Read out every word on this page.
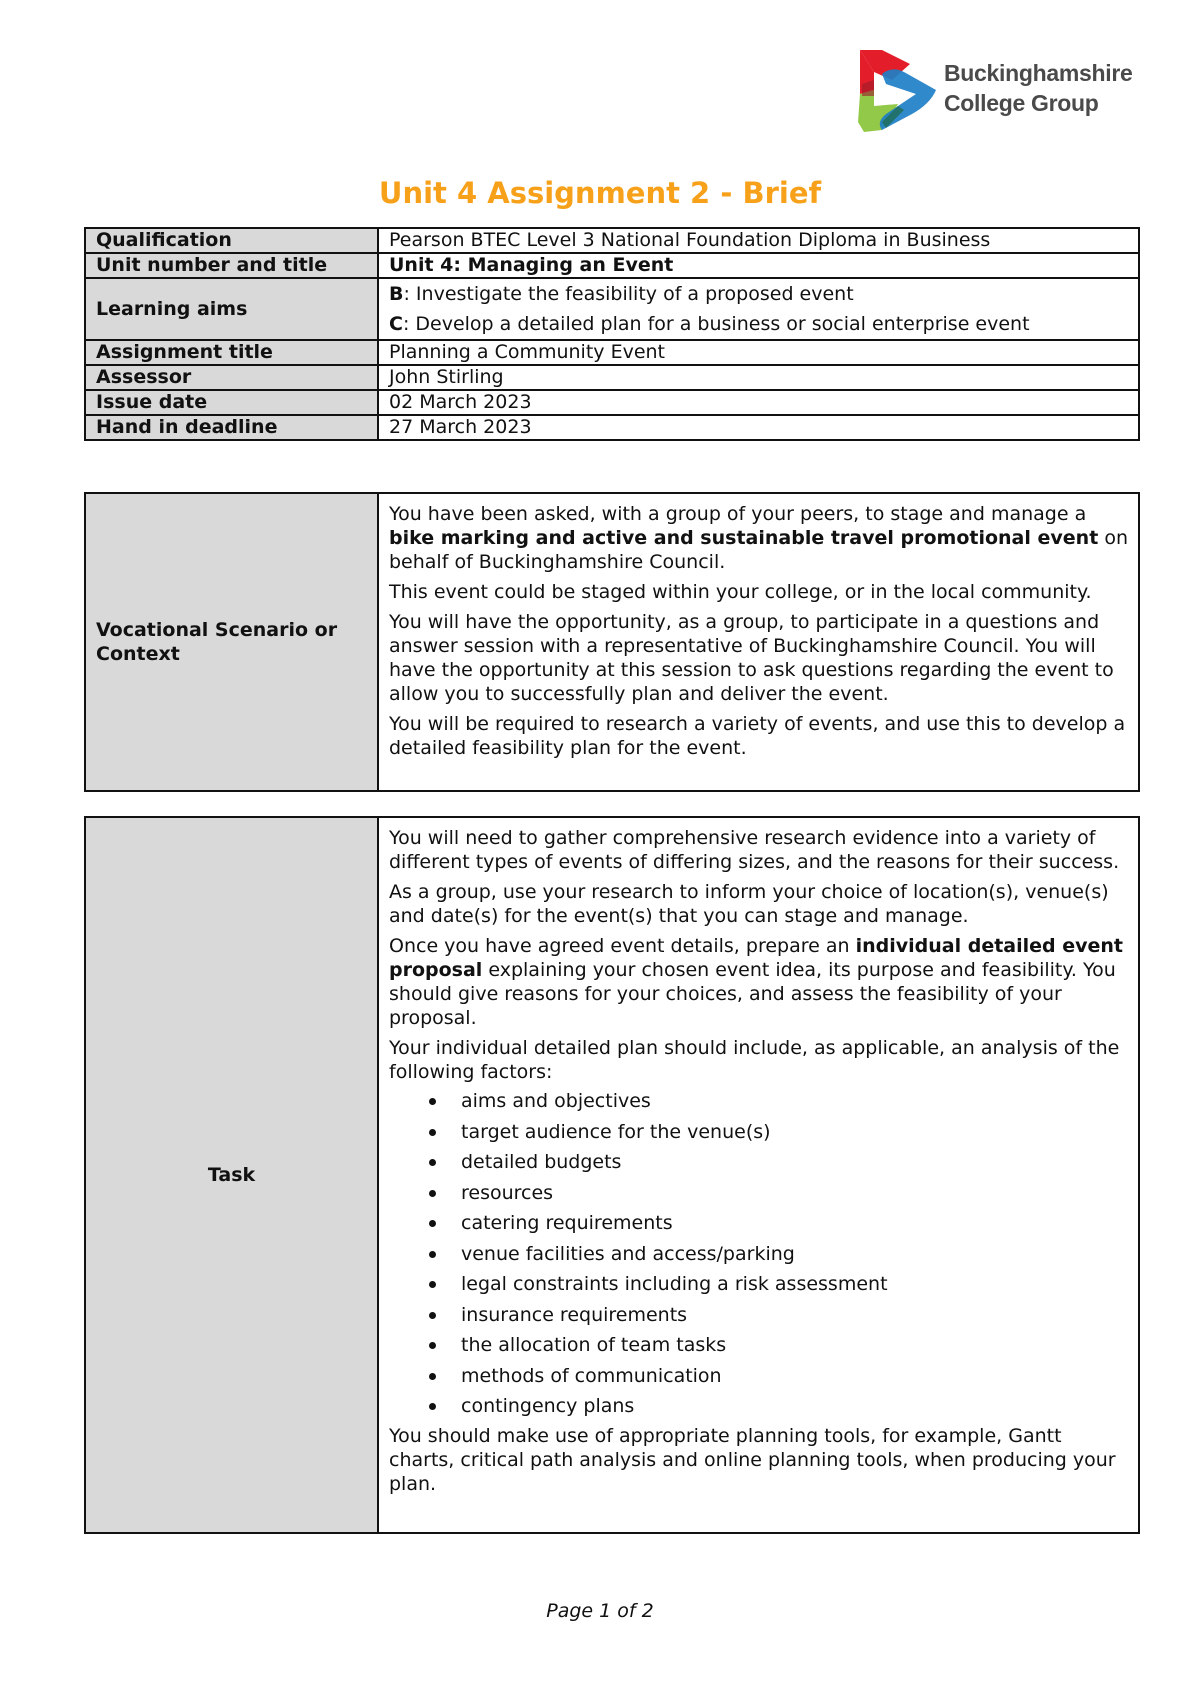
Buckinghamshire
College Group
Unit 4 Assignment 2 - Brief
Qualification	Pearson BTEC Level 3 National Foundation Diploma in Business
Unit number and title	Unit 4: Managing an Event
Learning aims	B: Investigate the feasibility of a proposed event
C: Develop a detailed plan for a business or social enterprise event

Assignment title	Planning a Community Event
Assessor	John Stirling
Issue date	02 March 2023
Hand in deadline	27 March 2023
Vocational Scenario or Context	
You have been asked, with a group of your peers, to stage and manage a bike marking and active and sustainable travel promotional event on behalf of Buckinghamshire Council.
This event could be staged within your college, or in the local community.
You will have the opportunity, as a group, to participate in a questions and answer session with a representative of Buckinghamshire Council. You will have the opportunity at this session to ask questions regarding the event to allow you to successfully plan and deliver the event.
You will be required to research a variety of events, and use this to develop a detailed feasibility plan for the event.
Task	
You will need to gather comprehensive research evidence into a variety of different types of events of differing sizes, and the reasons for their success.
As a group, use your research to inform your choice of location(s), venue(s) and date(s) for the event(s) that you can stage and manage.
Once you have agreed event details, prepare an individual detailed event proposal explaining your chosen event idea, its purpose and feasibility. You should give reasons for your choices, and assess the feasibility of your proposal.
Your individual detailed plan should include, as applicable, an analysis of the following factors:
aims and objectives
target audience for the venue(s)
detailed budgets
resources
catering requirements
venue facilities and access/parking
legal constraints including a risk assessment
insurance requirements
the allocation of team tasks
methods of communication
contingency plans
You should make use of appropriate planning tools, for example, Gantt charts, critical path analysis and online planning tools, when producing your plan.
Page 1 of 2
